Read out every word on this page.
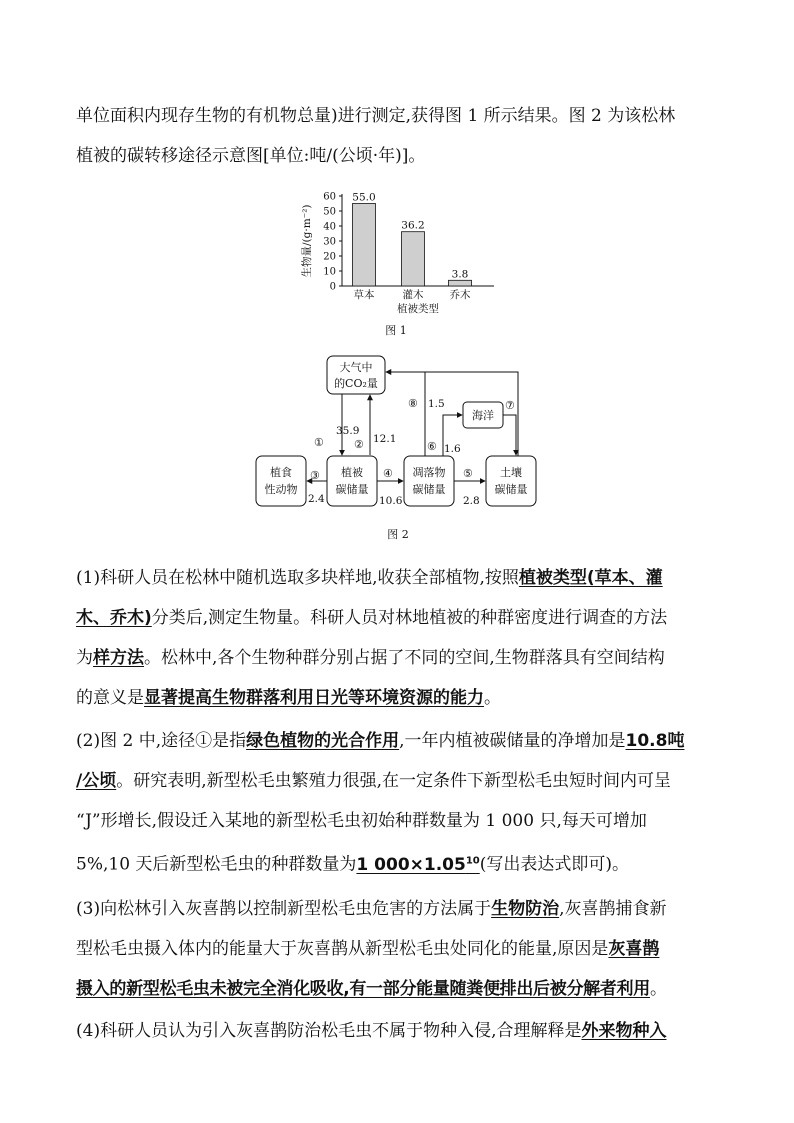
单位面积内现存生物的有机物总量)进行测定,获得图 1 所示结果。图 2 为该松林

植被的碳转移途径示意图[单位:吨/(公顷·年)]。

生物量/(g·m⁻²)
0
10
20
30
40
50
60 55.0
36.2
3.8
草本	灌木 乔木
植被类型
图 1
大气中
的CO₂量
植食
性动物
植被
碳储量
凋落物
碳储量
土壤
碳储量
海洋
①	②
③	④	⑤
⑥
⑦
⑧
35.9
12.1
2.4	10.6	2.8
1.6
1.5
图 2

(1)科研人员在松林中随机选取多块样地,收获全部植物,按照植被类型(草本、灌

木、乔木)分类后,测定生物量。科研人员对林地植被的种群密度进行调查的方法

为样方法。松林中,各个生物种群分别占据了不同的空间,生物群落具有空间结构

的意义是显著提高生物群落利用日光等环境资源的能力。

(2)图 2 中,途径①是指绿色植物的光合作用,一年内植被碳储量的净增加是10.8吨

/公顷。研究表明,新型松毛虫繁殖力很强,在一定条件下新型松毛虫短时间内可呈

“J”形增长,假设迁入某地的新型松毛虫初始种群数量为 1 000 只,每天可增加

5%,10 天后新型松毛虫的种群数量为1 $000\times 1.05^{10}$(写出表达式即可)。

(3)向松林引入灰喜鹊以控制新型松毛虫危害的方法属于生物防治,灰喜鹊捕食新

型松毛虫摄入体内的能量大于灰喜鹊从新型松毛虫处同化的能量,原因是灰喜鹊

摄入的新型松毛虫未被完全消化吸收,有一部分能量随粪便排出后被分解者利用。

(4)科研人员认为引入灰喜鹊防治松毛虫不属于物种入侵,合理解释是外来物种入
